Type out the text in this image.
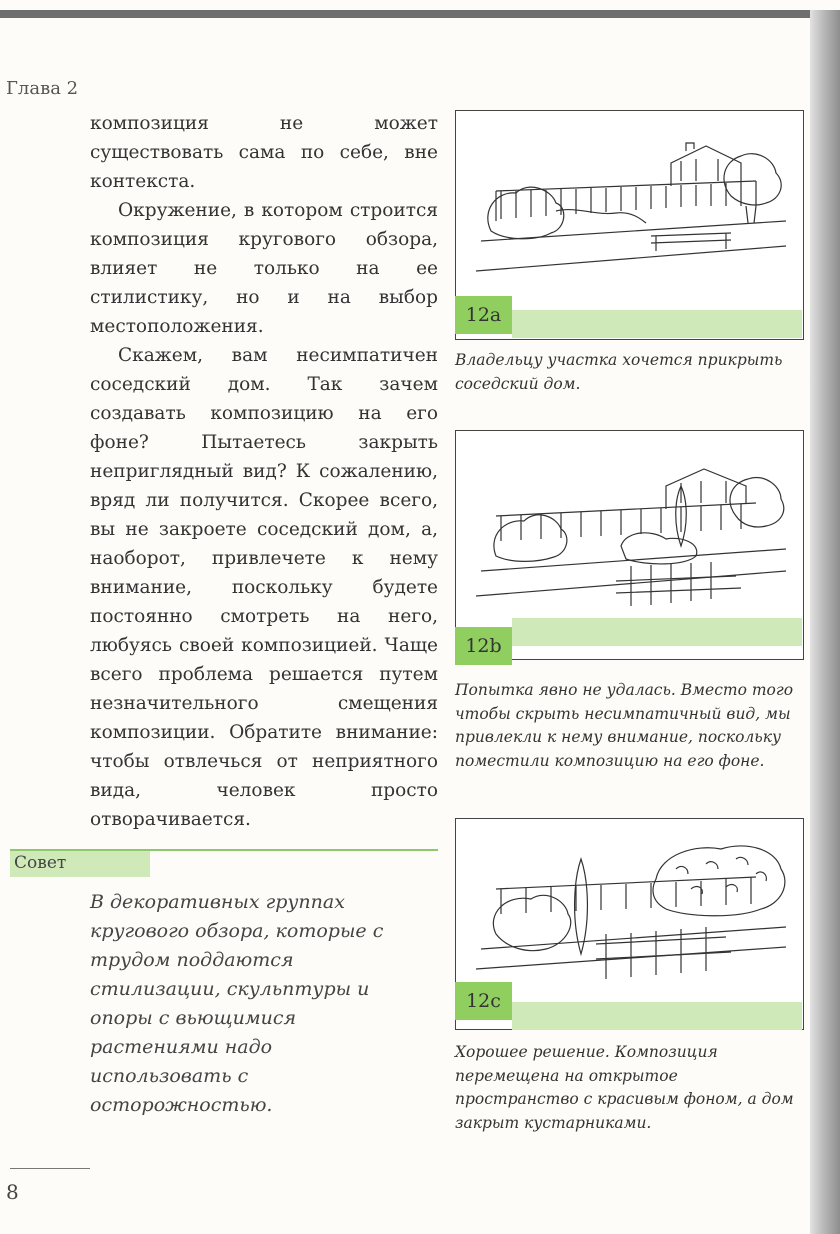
Глава 2

композиция не может существовать сама по себе, вне контекста.

Окружение, в котором строится композиция кругового обзора, влияет не только на ее стилистику, но и на выбор местоположения.

Скажем, вам несимпатичен соседский дом. Так зачем создавать композицию на его фоне? Пытаетесь закрыть неприглядный вид? К сожалению, вряд ли получится. Скорее всего, вы не закроете соседский дом, а, наоборот, привлечете к нему внимание, поскольку будете постоянно смотреть на него, любуясь своей композицией. Чаще всего проблема решается путем незначительного смещения композиции. Обратите внимание: чтобы отвлечься от неприятного вида, человек просто отворачивается.

Совет
В декоративных группах кругового обзора, которые с трудом поддаются стилизации, скульптуры и опоры с вьющимися растениями надо использовать с осторожностью.
12a
Владельцу участка хочется прикрыть соседский дом.
12b
Попытка явно не удалась. Вместо того чтобы скрыть несимпатичный вид, мы привлекли к нему внимание, поскольку поместили композицию на его фоне.
12c
Хорошее решение. Композиция перемещена на открытое пространство с красивым фоном, а дом закрыт кустарниками.
8
